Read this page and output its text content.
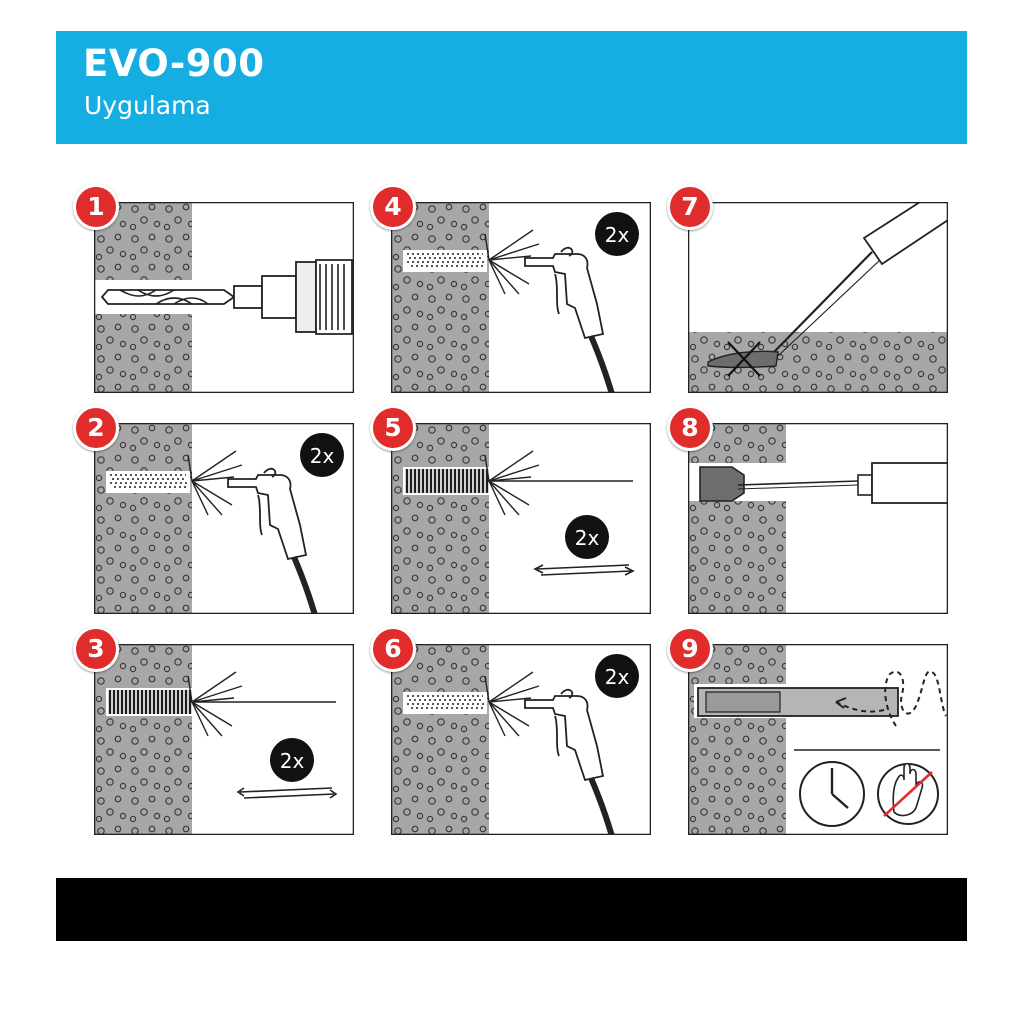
EVO-900
Uygulama
1
2x
2
2x
3
2x
4
2x
5
2x
6
7
8
9
